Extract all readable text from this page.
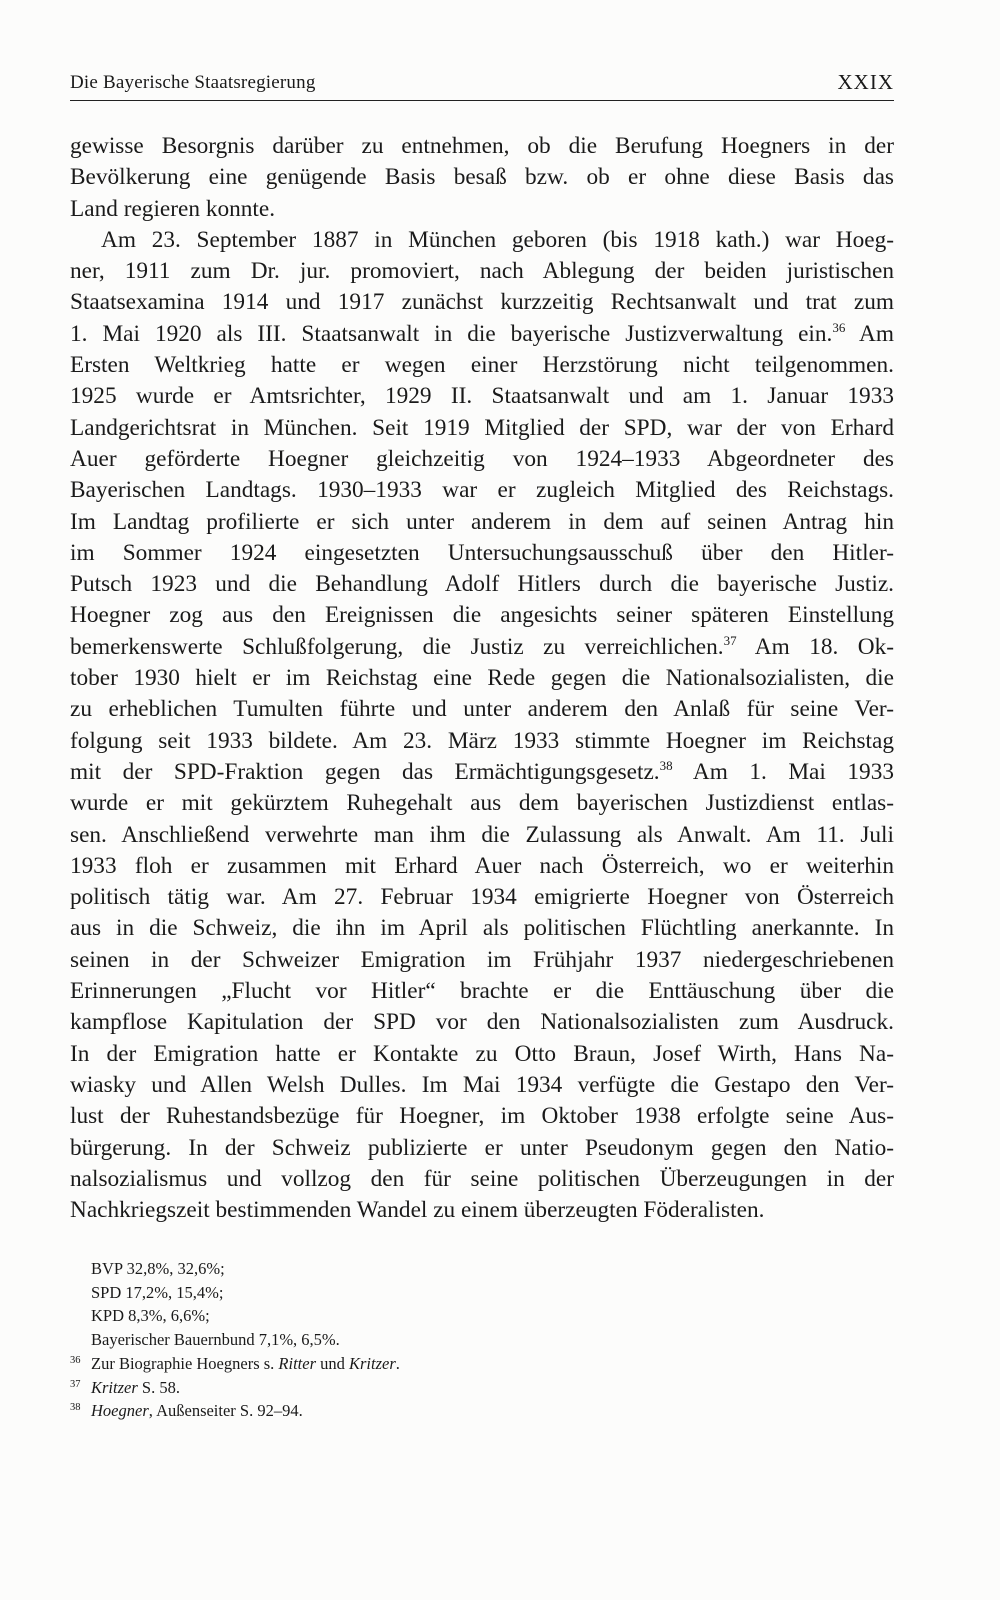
Die Bayerische Staatsregierung	XXIX
gewisse Besorgnis darüber zu entnehmen, ob die Berufung Hoegners in der
Bevölkerung eine genügende Basis besaß bzw. ob er ohne diese Basis das
Land regieren konnte.
Am 23. September 1887 in München geboren (bis 1918 kath.) war Hoeg-
ner, 1911 zum Dr. jur. promoviert, nach Ablegung der beiden juristischen
Staatsexamina 1914 und 1917 zunächst kurzzeitig Rechtsanwalt und trat zum
1. Mai 1920 als III. Staatsanwalt in die bayerische Justizverwaltung ein.$^{36}$ Am
Ersten Weltkrieg hatte er wegen einer Herzstörung nicht teilgenommen.
1925 wurde er Amtsrichter, 1929 II. Staatsanwalt und am 1. Januar 1933
Landgerichtsrat in München. Seit 1919 Mitglied der SPD, war der von Erhard
Auer geförderte Hoegner gleichzeitig von 1924–1933 Abgeordneter des
Bayerischen Landtags. 1930–1933 war er zugleich Mitglied des Reichstags.
Im Landtag profilierte er sich unter anderem in dem auf seinen Antrag hin
im Sommer 1924 eingesetzten Untersuchungsausschuß über den Hitler-
Putsch 1923 und die Behandlung Adolf Hitlers durch die bayerische Justiz.
Hoegner zog aus den Ereignissen die angesichts seiner späteren Einstellung
bemerkenswerte Schlußfolgerung, die Justiz zu verreichlichen.$^{37}$ Am 18. Ok-
tober 1930 hielt er im Reichstag eine Rede gegen die Nationalsozialisten, die
zu erheblichen Tumulten führte und unter anderem den Anlaß für seine Ver-
folgung seit 1933 bildete. Am 23. März 1933 stimmte Hoegner im Reichstag
mit der SPD-Fraktion gegen das Ermächtigungsgesetz.$^{38}$ Am 1. Mai 1933
wurde er mit gekürztem Ruhegehalt aus dem bayerischen Justizdienst entlas-
sen. Anschließend verwehrte man ihm die Zulassung als Anwalt. Am 11. Juli
1933 floh er zusammen mit Erhard Auer nach Österreich, wo er weiterhin
politisch tätig war. Am 27. Februar 1934 emigrierte Hoegner von Österreich
aus in die Schweiz, die ihn im April als politischen Flüchtling anerkannte. In
seinen in der Schweizer Emigration im Frühjahr 1937 niedergeschriebenen
Erinnerungen „Flucht vor Hitler“ brachte er die Enttäuschung über die
kampflose Kapitulation der SPD vor den Nationalsozialisten zum Ausdruck.
In der Emigration hatte er Kontakte zu Otto Braun, Josef Wirth, Hans Na-
wiasky und Allen Welsh Dulles. Im Mai 1934 verfügte die Gestapo den Ver-
lust der Ruhestandsbezüge für Hoegner, im Oktober 1938 erfolgte seine Aus-
bürgerung. In der Schweiz publizierte er unter Pseudonym gegen den Natio-
nalsozialismus und vollzog den für seine politischen Überzeugungen in der
Nachkriegszeit bestimmenden Wandel zu einem überzeugten Föderalisten.
BVP 32,8%, 32,6%;
SPD 17,2%, 15,4%;
KPD 8,3%, 6,6%;
Bayerischer Bauernbund 7,1%, 6,5%.
36 Zur Biographie Hoegners s. Ritter und Kritzer.
37 Kritzer S. 58.
38 Hoegner, Außenseiter S. 92–94.
